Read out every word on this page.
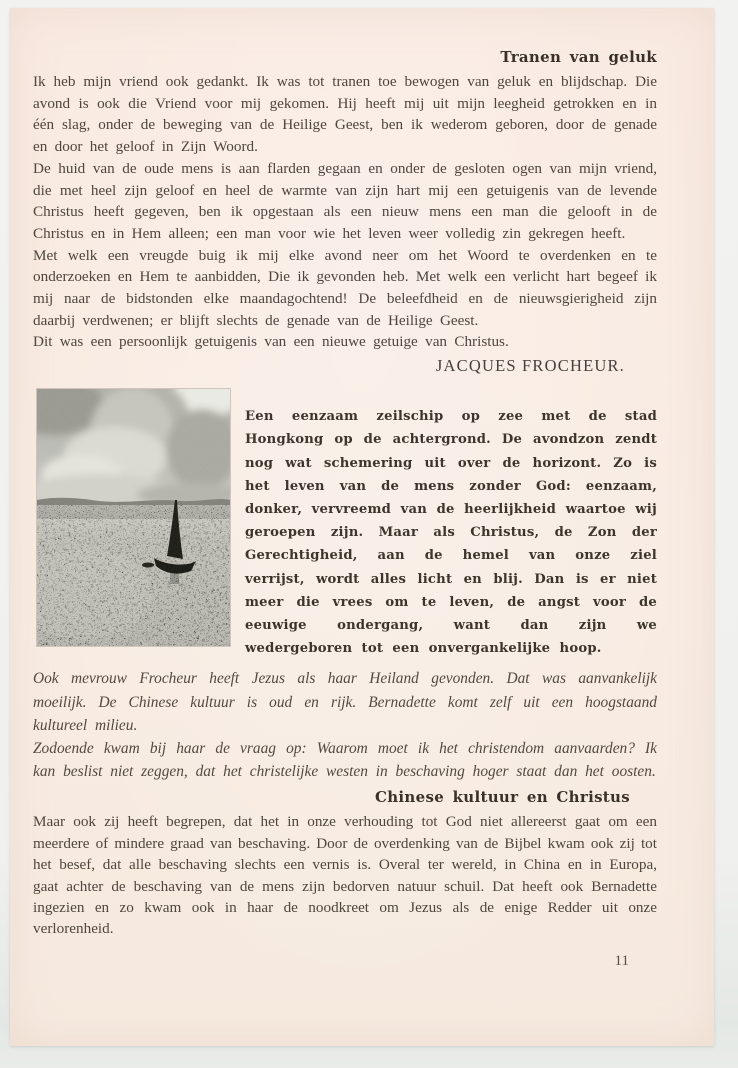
Tranen van geluk

Ik heb mijn vriend ook gedankt. Ik was tot tranen toe bewogen van geluk en blijdschap. Die avond is ook die Vriend voor mij gekomen. Hij heeft mij uit mijn leegheid getrokken en in één slag, onder de beweging van de Heilige Geest, ben ik wederom geboren, door de genade en door het geloof in Zijn Woord.

De huid van de oude mens is aan flarden gegaan en onder de gesloten ogen van mijn vriend, die met heel zijn geloof en heel de warmte van zijn hart mij een getuigenis van de levende Christus heeft gegeven, ben ik opgestaan als een nieuw mens een man die gelooft in de Christus en in Hem alleen; een man voor wie het leven weer volledig zin gekregen heeft.

Met welk een vreugde buig ik mij elke avond neer om het Woord te overdenken en te onderzoeken en Hem te aanbidden, Die ik gevonden heb. Met welk een verlicht hart begeef ik mij naar de bidstonden elke maandagochtend! De beleefdheid en de nieuwsgierigheid zijn daarbij verdwenen; er blijft slechts de genade van de Heilige Geest.

Dit was een persoonlijk getuigenis van een nieuwe getuige van Christus.

JACQUES FROCHEUR.
Een eenzaam zeilschip op zee met de stad Hongkong op de achtergrond. De avondzon zendt nog wat schemering uit over de horizont. Zo is het leven van de mens zonder God: eenzaam, donker, vervreemd van de heerlijkheid waartoe wij geroepen zijn. Maar als Christus, de Zon der Gerechtigheid, aan de hemel van onze ziel verrijst, wordt alles licht en blij. Dan is er niet meer die vrees om te leven, de angst voor de eeuwige ondergang, want dan zijn we wedergeboren tot een onvergankelijke hoop.

Ook mevrouw Frocheur heeft Jezus als haar Heiland gevonden. Dat was aanvankelijk moeilijk. De Chinese kultuur is oud en rijk. Bernadette komt zelf uit een hoogstaand kultureel milieu.

Zodoende kwam bij haar de vraag op: Waarom moet ik het christendom aanvaarden? Ik kan beslist niet zeggen, dat het christelijke westen in beschaving hoger staat dan het oosten.

Chinese kultuur en Christus

Maar ook zij heeft begrepen, dat het in onze verhouding tot God niet allereerst gaat om een meerdere of mindere graad van beschaving. Door de overdenking van de Bijbel kwam ook zij tot het besef, dat alle beschaving slechts een vernis is. Overal ter wereld, in China en in Europa, gaat achter de beschaving van de mens zijn bedorven natuur schuil. Dat heeft ook Bernadette ingezien en zo kwam ook in haar de noodkreet om Jezus als de enige Redder uit onze verlorenheid.

11
